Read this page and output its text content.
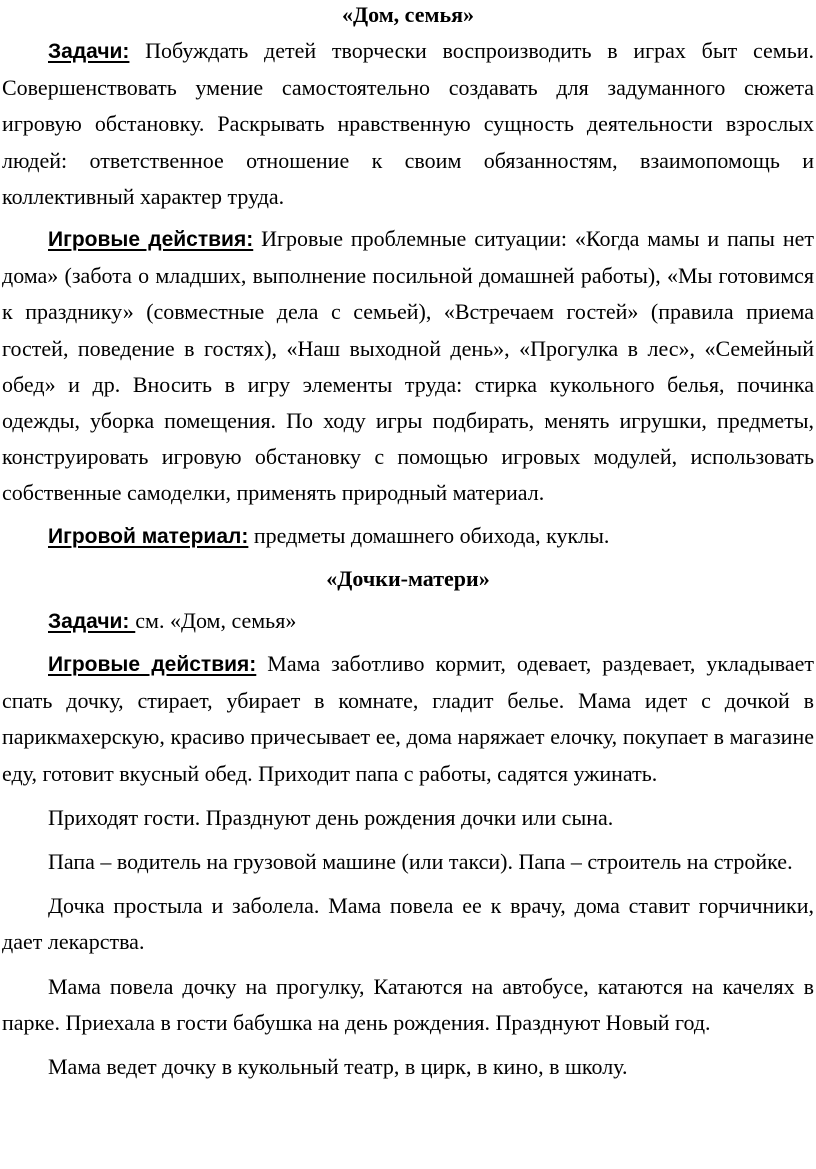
«Дом, семья»

Задачи: Побуждать детей творчески воспроизводить в играх быт семьи. Совершенствовать умение самостоятельно создавать для задуманного сюжета игровую обстановку. Раскрывать нравственную сущность деятельности взрослых людей: ответственное отношение к своим обязанностям, взаимопомощь и коллективный характер труда.

Игровые действия: Игровые проблемные ситуации: «Когда мамы и папы нет дома» (забота о младших, выполнение посильной домашней работы), «Мы готовимся к празднику» (совместные дела с семьей), «Встречаем гостей» (правила приема гостей, поведение в гостях), «Наш выходной день», «Прогулка в лес», «Семейный обед» и др. Вносить в игру элементы труда: стирка кукольного белья, починка одежды, уборка помещения. По ходу игры подбирать, менять игрушки, предметы, конструировать игровую обстановку с помощью игровых модулей, использовать собственные самоделки, применять природный материал.

Игровой материал: предметы домашнего обихода, куклы.

«Дочки-матери»

Задачи: см. «Дом, семья»

Игровые действия: Мама заботливо кормит, одевает, раздевает, укладывает спать дочку, стирает, убирает в комнате, гладит белье. Мама идет с дочкой в парикмахерскую, красиво причесывает ее, дома наряжает елочку, покупает в магазине еду, готовит вкусный обед. Приходит папа с работы, садятся ужинать.

Приходят гости. Празднуют день рождения дочки или сына.

Папа – водитель на грузовой машине (или такси). Папа – строитель на стройке.

Дочка простыла и заболела. Мама повела ее к врачу, дома ставит горчичники, дает лекарства.

Мама повела дочку на прогулку, Катаются на автобусе, катаются на качелях в парке. Приехала в гости бабушка на день рождения. Празднуют Новый год.

Мама ведет дочку в кукольный театр, в цирк, в кино, в школу.
